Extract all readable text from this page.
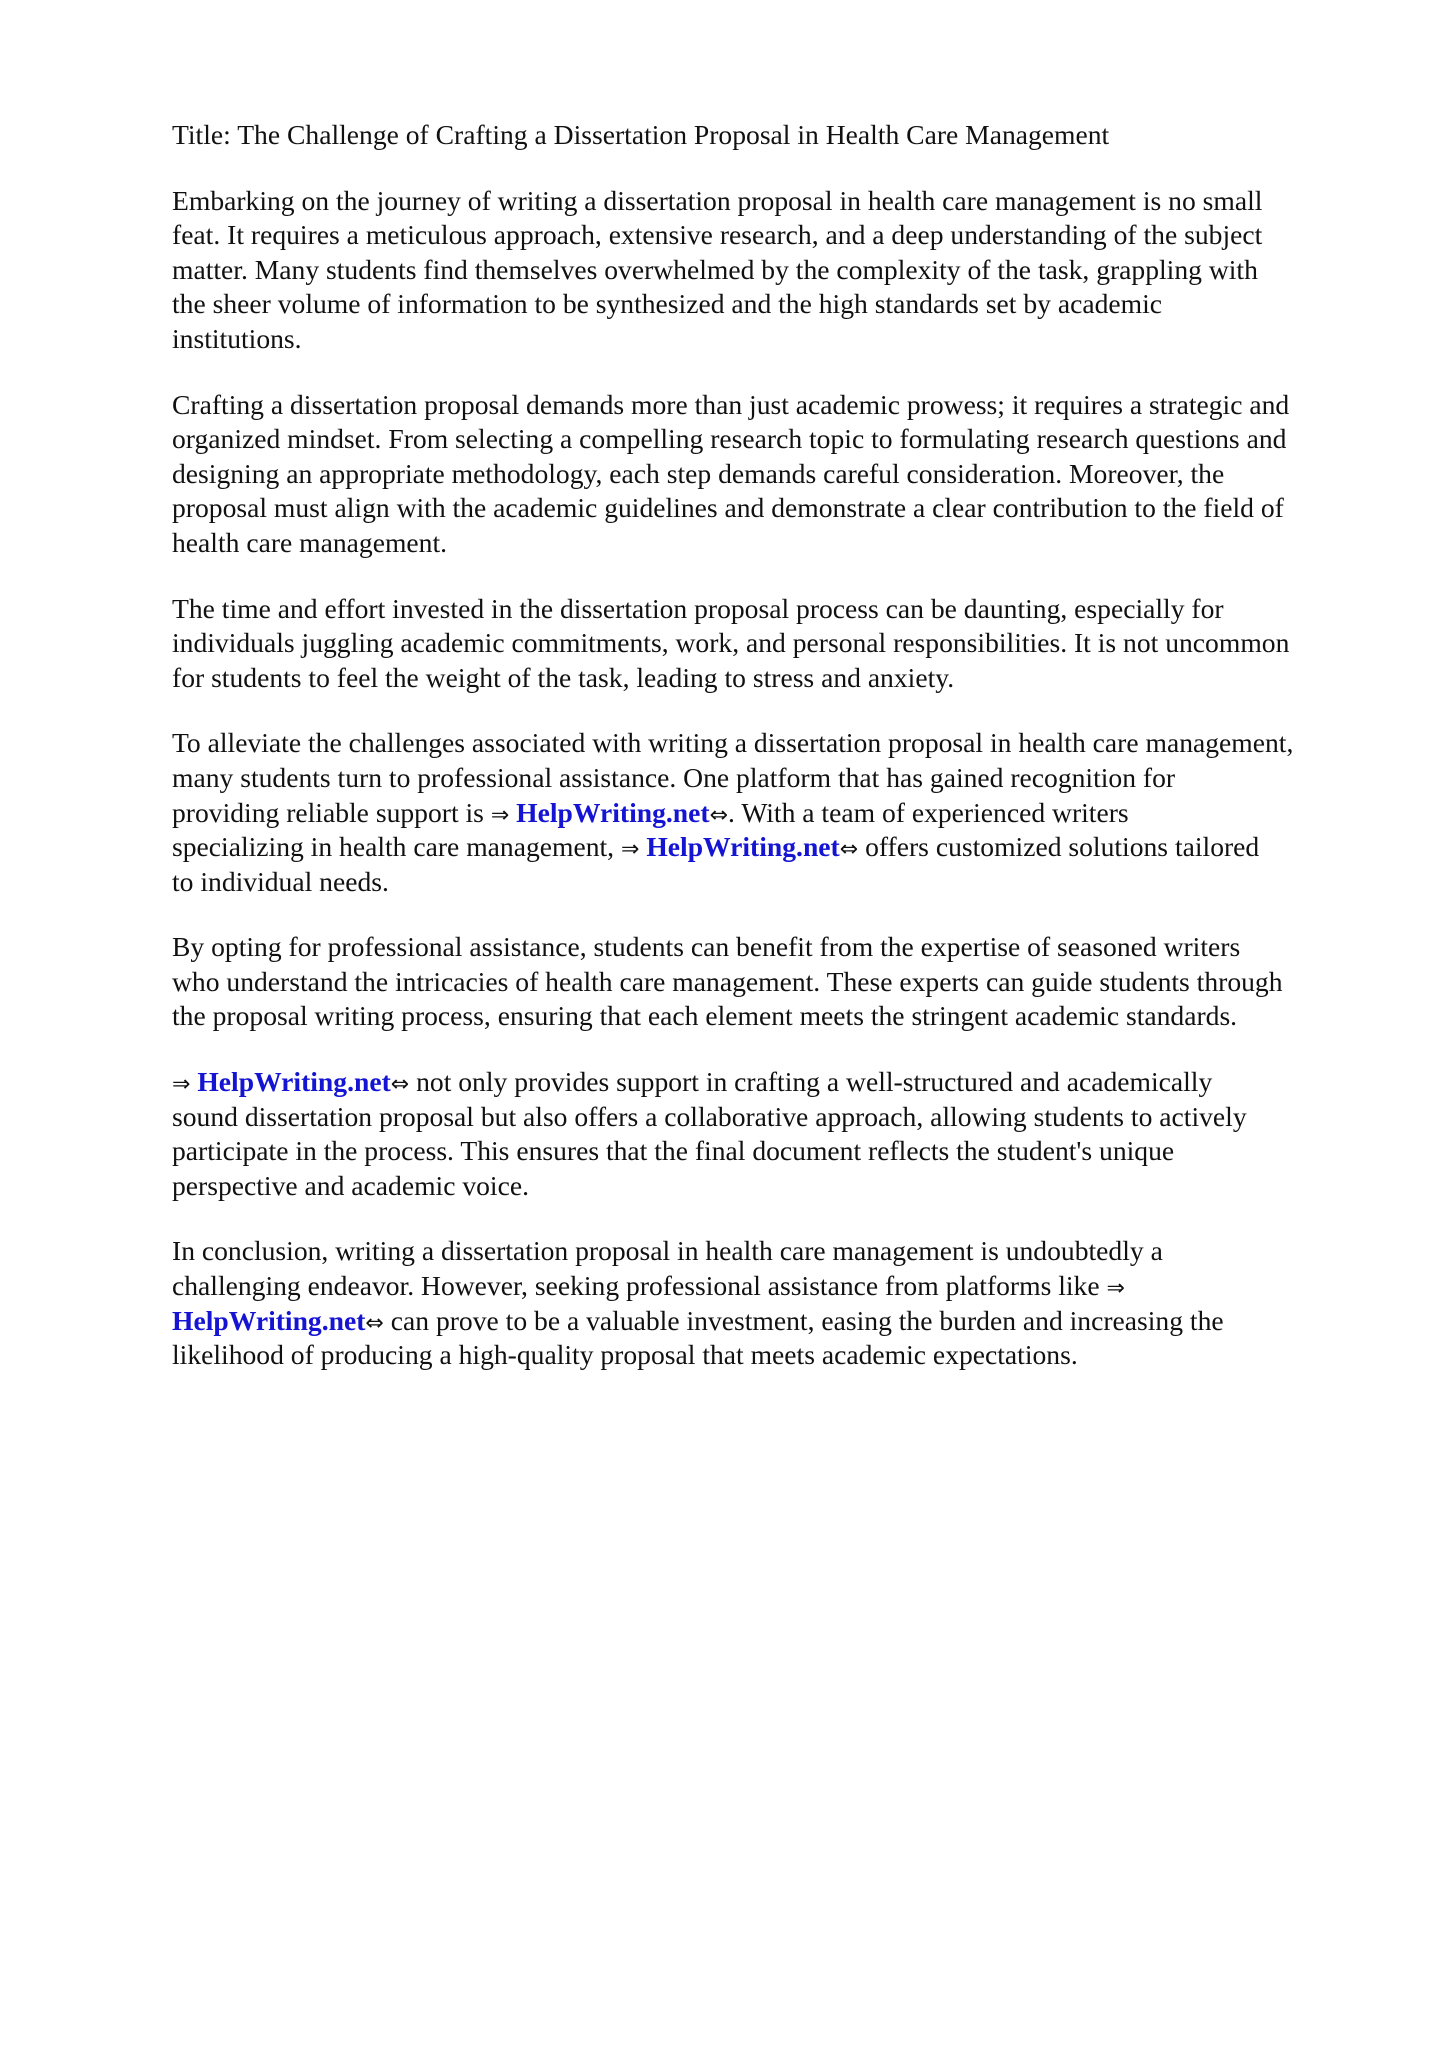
Title: The Challenge of Crafting a Dissertation Proposal in Health Care Management

Embarking on the journey of writing a dissertation proposal in health care management is no small
feat. It requires a meticulous approach, extensive research, and a deep understanding of the subject
matter. Many students find themselves overwhelmed by the complexity of the task, grappling with
the sheer volume of information to be synthesized and the high standards set by academic
institutions.

Crafting a dissertation proposal demands more than just academic prowess; it requires a strategic and
organized mindset. From selecting a compelling research topic to formulating research questions and
designing an appropriate methodology, each step demands careful consideration. Moreover, the
proposal must align with the academic guidelines and demonstrate a clear contribution to the field of
health care management.

The time and effort invested in the dissertation proposal process can be daunting, especially for
individuals juggling academic commitments, work, and personal responsibilities. It is not uncommon
for students to feel the weight of the task, leading to stress and anxiety.

To alleviate the challenges associated with writing a dissertation proposal in health care management,
many students turn to professional assistance. One platform that has gained recognition for
providing reliable support is ⇒ HelpWriting.net⇔. With a team of experienced writers
specializing in health care management, ⇒ HelpWriting.net⇔ offers customized solutions tailored
to individual needs.

By opting for professional assistance, students can benefit from the expertise of seasoned writers
who understand the intricacies of health care management. These experts can guide students through
the proposal writing process, ensuring that each element meets the stringent academic standards.

⇒ HelpWriting.net⇔ not only provides support in crafting a well-structured and academically
sound dissertation proposal but also offers a collaborative approach, allowing students to actively
participate in the process. This ensures that the final document reflects the student's unique
perspective and academic voice.

In conclusion, writing a dissertation proposal in health care management is undoubtedly a
challenging endeavor. However, seeking professional assistance from platforms like ⇒
HelpWriting.net⇔ can prove to be a valuable investment, easing the burden and increasing the
likelihood of producing a high-quality proposal that meets academic expectations.
